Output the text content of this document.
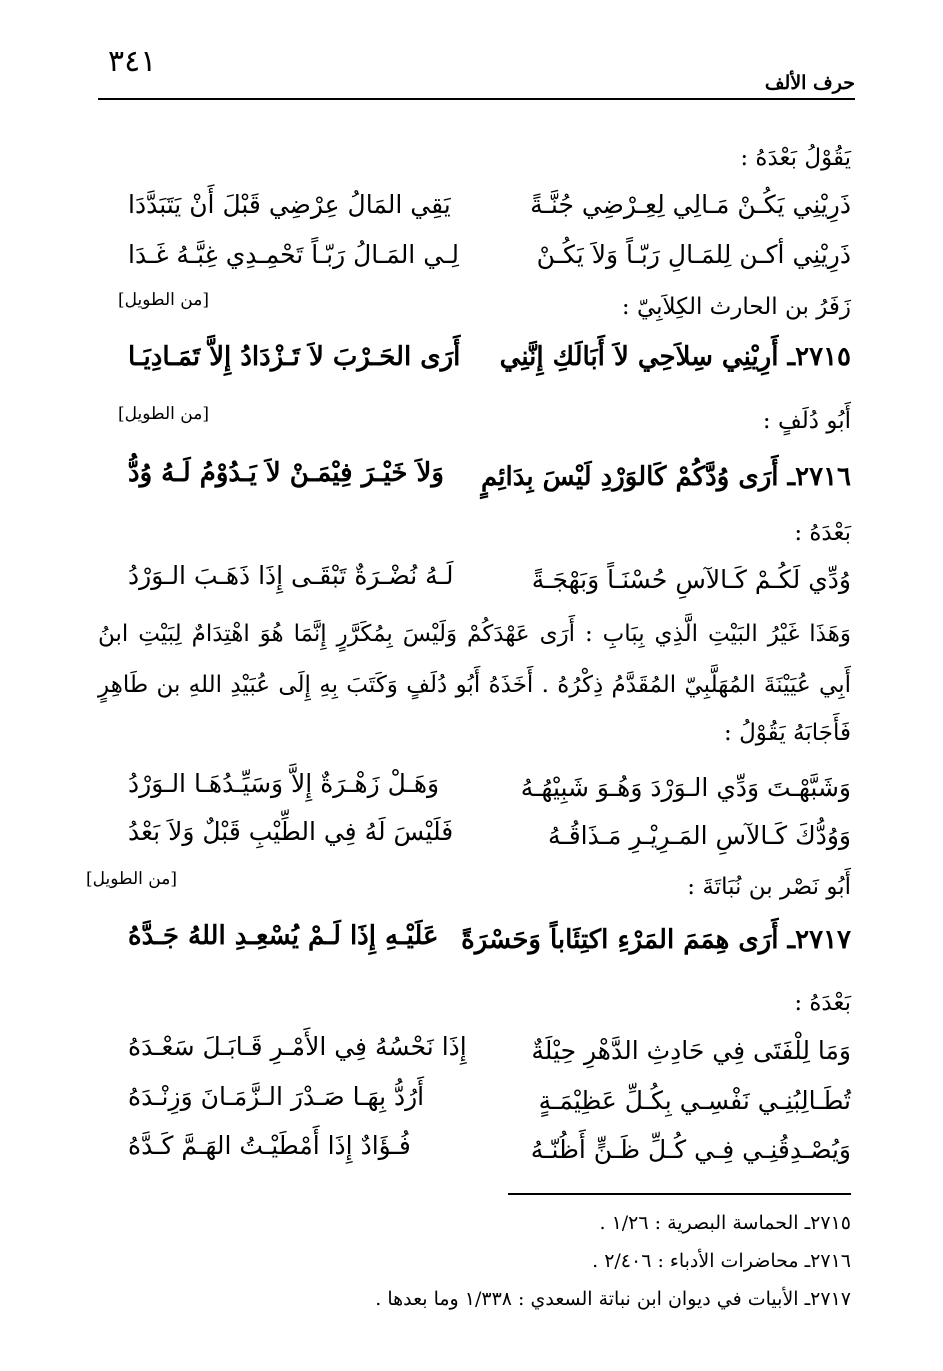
٣٤١
حرف الألف
يَقُوْلُ بَعْدَهُ :
ذَرِيْنِي يَكُـنْ مَـالِي لِعِـرْضِي جُنَّـةً
يَقِي المَالُ عِرْضِي قَبْلَ أَنْ يَتَبَدَّدَا
ذَرِيْنِي أكـن لِلمَـالِ رَبّـاً وَلاَ يَكُـنْ
لِـي المَـالُ رَبّـاً تَحْمِـدِي غِبَّـهُ غَـدَا
زَفَرُ بن الحارث الكِلاَبِيّ :
[من الطويل]
٢٧١٥ـ أَرِيْنِي سِلاَحِي لاَ أَبَالَكِ إِنَّنِي
أَرَى الحَـرْبَ لاَ تَـزْدَادُ إِلاَّ تَمَـادِيَـا
أَبُو دُلَفٍ :
[من الطويل]
٢٧١٦ـ أَرَى وُدَّكُمْ كَالوَرْدِ لَيْسَ بِدَائِمٍ
وَلاَ خَيْـرَ فِيْمَـنْ لاَ يَـدُوْمُ لَـهُ وُدُّ
بَعْدَهُ :
وُدِّي لَكُـمْ كَـالآسِ حُسْنَـاً وَبَهْجَـةً
لَـهُ نُضْـرَةٌ تَبْقَـى إِذَا ذَهَـبَ الـوَرْدُ
وَهَذَا غَيْرُ البَيْتِ الَّذِي بِبَابِ : أَرَى عَهْدَكُمْ وَلَيْسَ بِمُكَرَّرٍ إِنَّمَا هُوَ اهْتِدَامٌ لِبَيْتِ ابنُ
أَبِي عُيَيْنَةَ المُهَلَّبِيّ المُقَدَّمُ ذِكْرُهُ . أَخَذَهُ أَبُو دُلَفٍ وَكَتَبَ بِهِ إِلَى عُبَيْدِ اللهِ بن طَاهِرٍ
فَأَجَابَهُ يَقُوْلُ :
وَشَبَّهْـتَ وَدِّي الـوَرْدَ وَهُـوَ شَبِيْهُـهُ
وَهَـلْ زَهْـرَةٌ إِلاَّ وَسَيِّـدُهَـا الـوَرْدُ
وَوُدُّكَ كَـالآسِ المَـرِيْـرِ مَـذَاقُـهُ
فَلَيْسَ لَهُ فِي الطِّيْبِ قَبْلٌ وَلاَ بَعْدُ
أَبُو نَصْر بن نُبَاتَةَ :
[من الطويل]
٢٧١٧ـ أَرَى هِمَمَ المَرْءِ اكتِئَاباً وَحَسْرَةً
عَلَيْـهِ إِذَا لَـمْ يُسْعِـدِ اللهُ جَـدَّهُ
بَعْدَهُ :
وَمَا لِلْفَتَى فِي حَادِثِ الدَّهْرِ حِيْلَةٌ
إِذَا نَحْسُهُ فِي الأَمْـرِ قَـابَـلَ سَعْـدَهُ
تُطَـالِبُنِـي نَفْسِـي بِكُـلِّ عَظِيْمَـةٍ
أَرُدُّ بِهَـا صَـدْرَ الـزَّمَـانَ وَزِنْـدَهُ
وَيُصْـدِقُنِـي فِـي كُـلِّ ظَـنٍّ أَظُنّـهُ
فُـؤَادٌ إِذَا أَمْطَيْـتُ الهَـمَّ كَـدَّهُ
٢٧١٥ـ الحماسة البصرية : ١/٢٦ .
٢٧١٦ـ محاضرات الأدباء : ٢/٤٠٦ .
٢٧١٧ـ الأبيات في ديوان ابن نباتة السعدي : ١/٣٣٨ وما بعدها .
